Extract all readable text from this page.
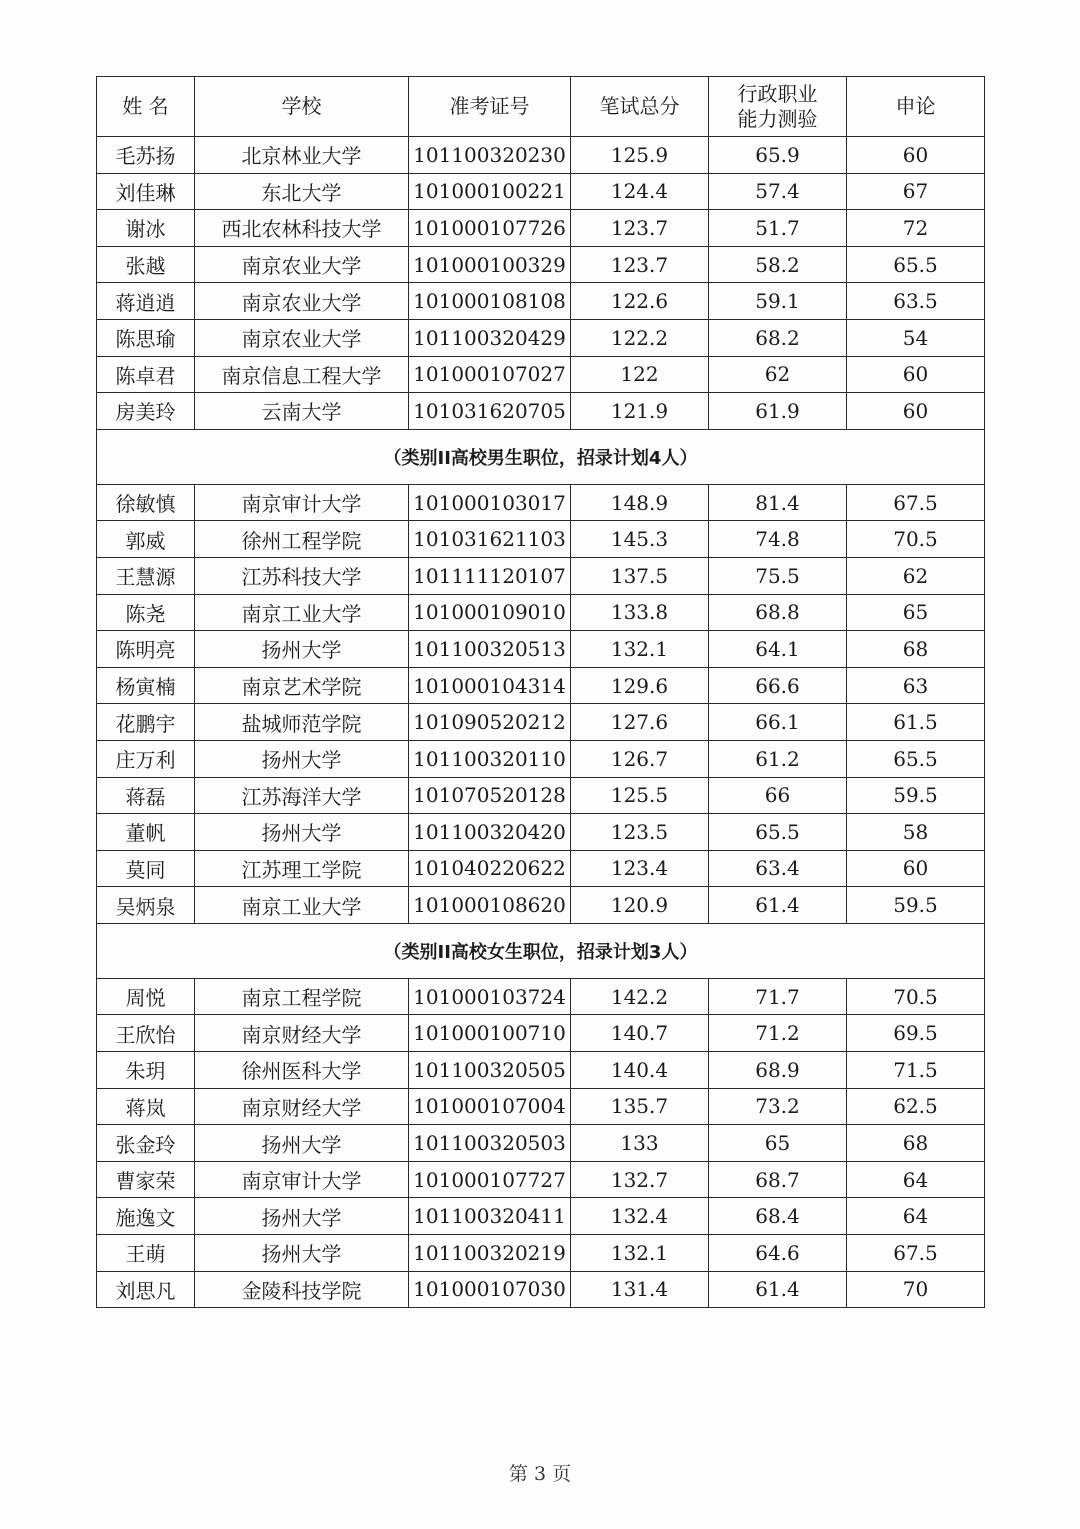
姓 名	学校	准考证号	笔试总分	行政职业能力测验	申论
毛苏扬	北京林业大学	101100320230	125.9	65.9	60
刘佳琳	东北大学	101000100221	124.4	57.4	67
谢冰	西北农林科技大学	101000107726	123.7	51.7	72
张越	南京农业大学	101000100329	123.7	58.2	65.5
蒋逍逍	南京农业大学	101000108108	122.6	59.1	63.5
陈思瑜	南京农业大学	101100320429	122.2	68.2	54
陈卓君	南京信息工程大学	101000107027	122	62	60
房美玲	云南大学	101031620705	121.9	61.9	60
（类别II高校男生职位，招录计划4人）					
徐敏慎	南京审计大学	101000103017	148.9	81.4	67.5
郭威	徐州工程学院	101031621103	145.3	74.8	70.5
王慧源	江苏科技大学	101111120107	137.5	75.5	62
陈尧	南京工业大学	101000109010	133.8	68.8	65
陈明亮	扬州大学	101100320513	132.1	64.1	68
杨寅楠	南京艺术学院	101000104314	129.6	66.6	63
花鹏宇	盐城师范学院	101090520212	127.6	66.1	61.5
庄万利	扬州大学	101100320110	126.7	61.2	65.5
蒋磊	江苏海洋大学	101070520128	125.5	66	59.5
董帆	扬州大学	101100320420	123.5	65.5	58
莫同	江苏理工学院	101040220622	123.4	63.4	60
吴炳泉	南京工业大学	101000108620	120.9	61.4	59.5
（类别II高校女生职位，招录计划3人）					
周悦	南京工程学院	101000103724	142.2	71.7	70.5
王欣怡	南京财经大学	101000100710	140.7	71.2	69.5
朱玥	徐州医科大学	101100320505	140.4	68.9	71.5
蒋岚	南京财经大学	101000107004	135.7	73.2	62.5
张金玲	扬州大学	101100320503	133	65	68
曹家荣	南京审计大学	101000107727	132.7	68.7	64
施逸文	扬州大学	101100320411	132.4	68.4	64
王萌	扬州大学	101100320219	132.1	64.6	67.5
刘思凡	金陵科技学院	101000107030	131.4	61.4	70
第 3 页
